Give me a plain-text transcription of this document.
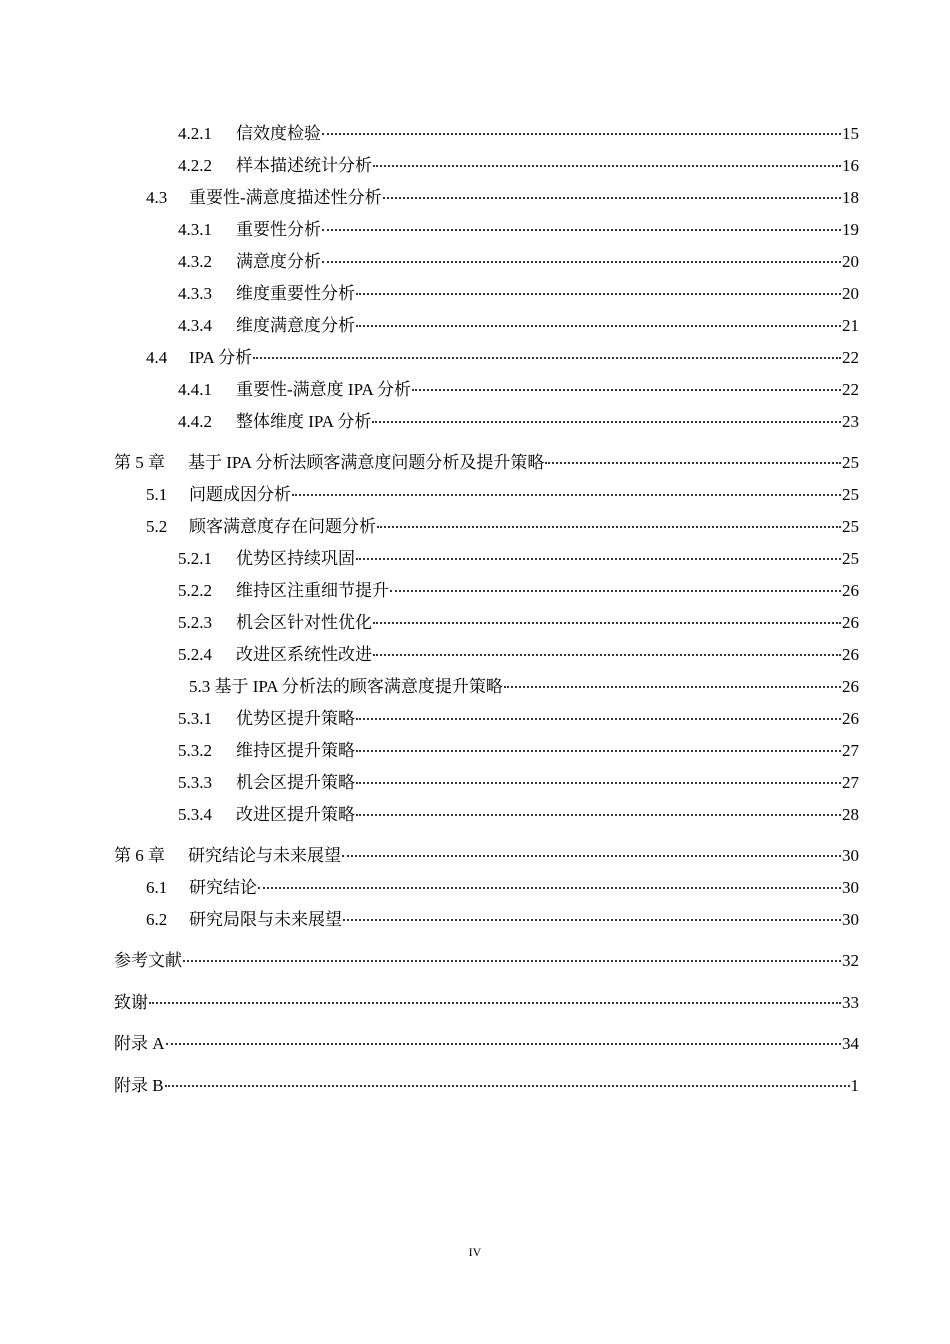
4.2.1	信效度检验	15
4.2.2	样本描述统计分析	16
4.3	重要性-满意度描述性分析	18
4.3.1	重要性分析	19
4.3.2	满意度分析	20
4.3.3	维度重要性分析	20
4.3.4	维度满意度分析	21
4.4	IPA 分析	22
4.4.1	重要性-满意度 IPA 分析	22
4.4.2	整体维度 IPA 分析	23
第 5 章	基于 IPA 分析法顾客满意度问题分析及提升策略	25
5.1	问题成因分析	25
5.2	顾客满意度存在问题分析	25
5.2.1	优势区持续巩固	25
5.2.2	维持区注重细节提升	26
5.2.3	机会区针对性优化	26
5.2.4	改进区系统性改进	26
5.3 基于 IPA 分析法的顾客满意度提升策略	26
5.3.1	优势区提升策略	26
5.3.2	维持区提升策略	27
5.3.3	机会区提升策略	27
5.3.4	改进区提升策略	28
第 6 章	研究结论与未来展望	30
6.1	研究结论	30
6.2	研究局限与未来展望	30
参考文献	32
致谢	33
附录 A	34
附录 B	1
IV
